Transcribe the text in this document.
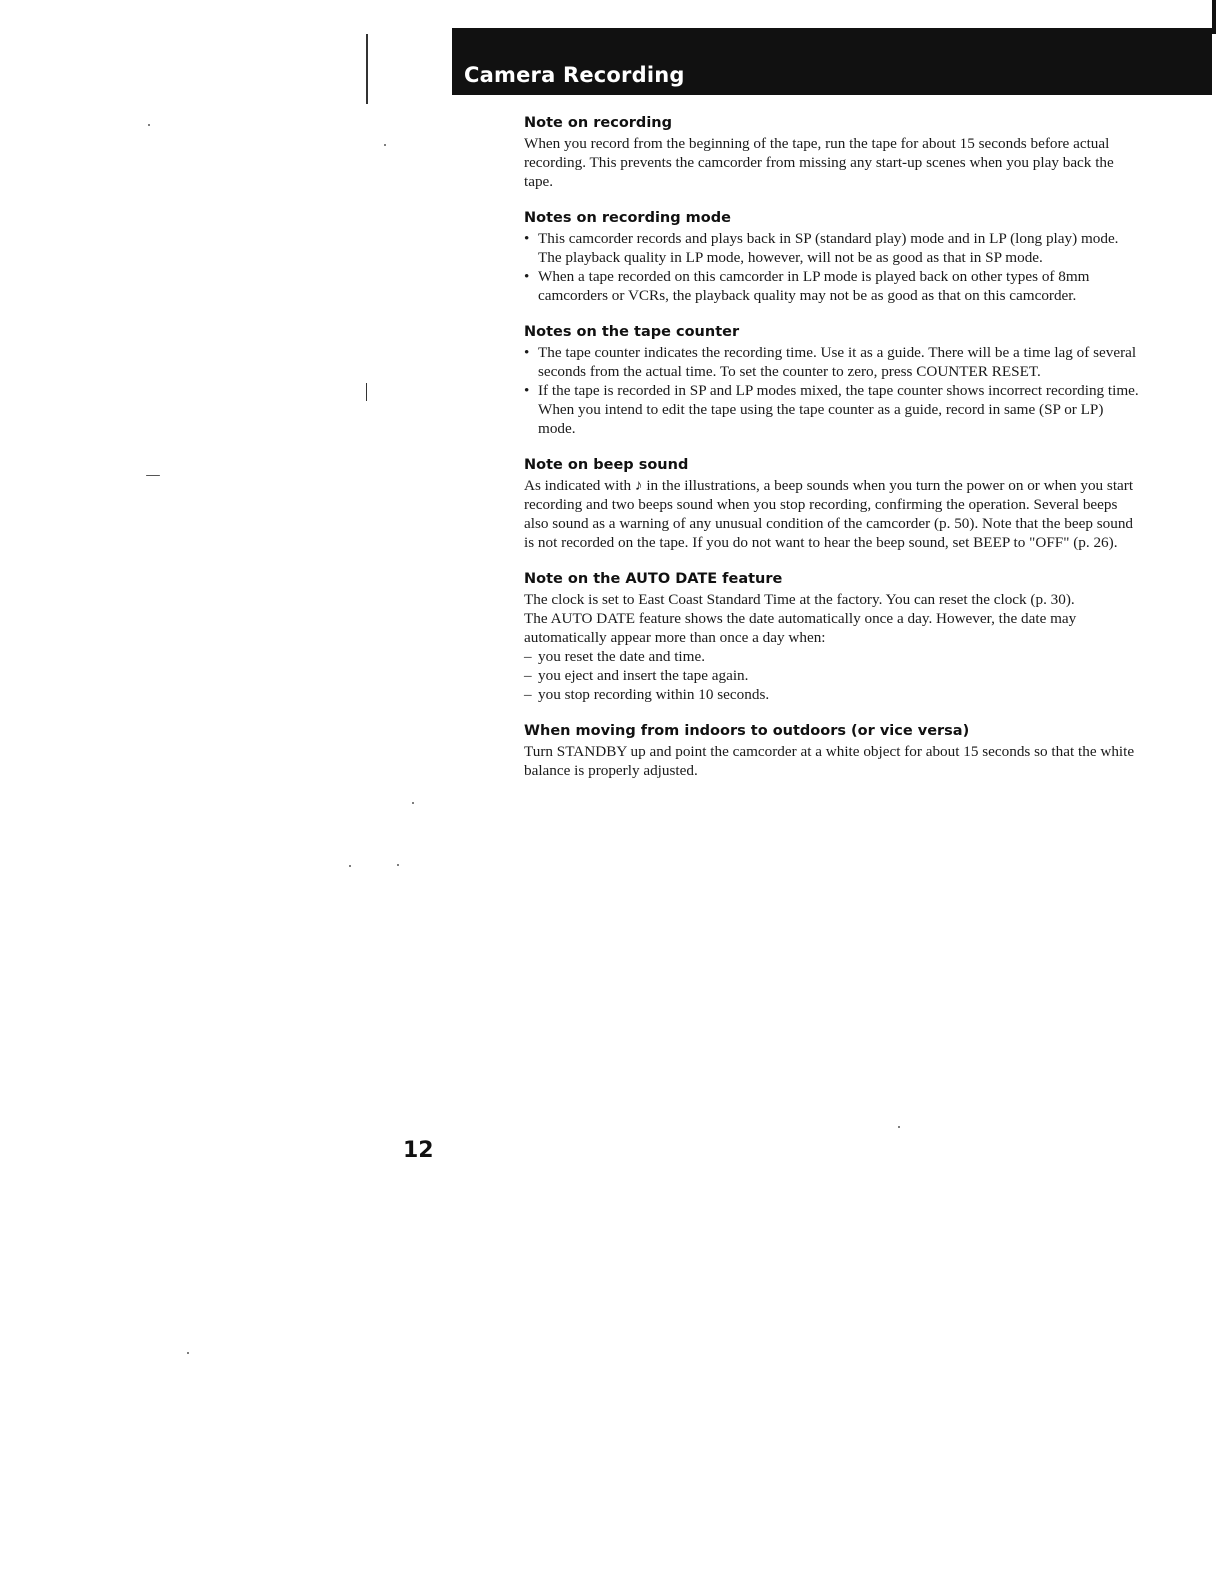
Camera Recording
Note on recording

When you record from the beginning of the tape, run the tape for about 15 seconds before actual recording. This prevents the camcorder from missing any start-up scenes when you play back the tape.

Notes on recording mode
• This camcorder records and plays back in SP (standard play) mode and in LP (long play) mode.
The playback quality in LP mode, however, will not be as good as that in SP mode.
• When a tape recorded on this camcorder in LP mode is played back on other types of 8mm camcorders or VCRs, the playback quality may not be as good as that on this camcorder.
Notes on the tape counter
• The tape counter indicates the recording time. Use it as a guide. There will be a time lag of several seconds from the actual time. To set the counter to zero, press COUNTER RESET.
• If the tape is recorded in SP and LP modes mixed, the tape counter shows incorrect recording time. When you intend to edit the tape using the tape counter as a guide, record in same (SP or LP) mode.
Note on beep sound

As indicated with ♪ in the illustrations, a beep sounds when you turn the power on or when you start recording and two beeps sound when you stop recording, confirming the operation. Several beeps also sound as a warning of any unusual condition of the camcorder (p. 50). Note that the beep sound is not recorded on the tape. If you do not want to hear the beep sound, set BEEP to "OFF" (p. 26).

Note on the AUTO DATE feature

The clock is set to East Coast Standard Time at the factory. You can reset the clock (p. 30).

The AUTO DATE feature shows the date automatically once a day. However, the date may automatically appear more than once a day when:

– you reset the date and time.
– you eject and insert the tape again.
– you stop recording within 10 seconds.
When moving from indoors to outdoors (or vice versa)

Turn STANDBY up and point the camcorder at a white object for about 15 seconds so that the white balance is properly adjusted.

12
